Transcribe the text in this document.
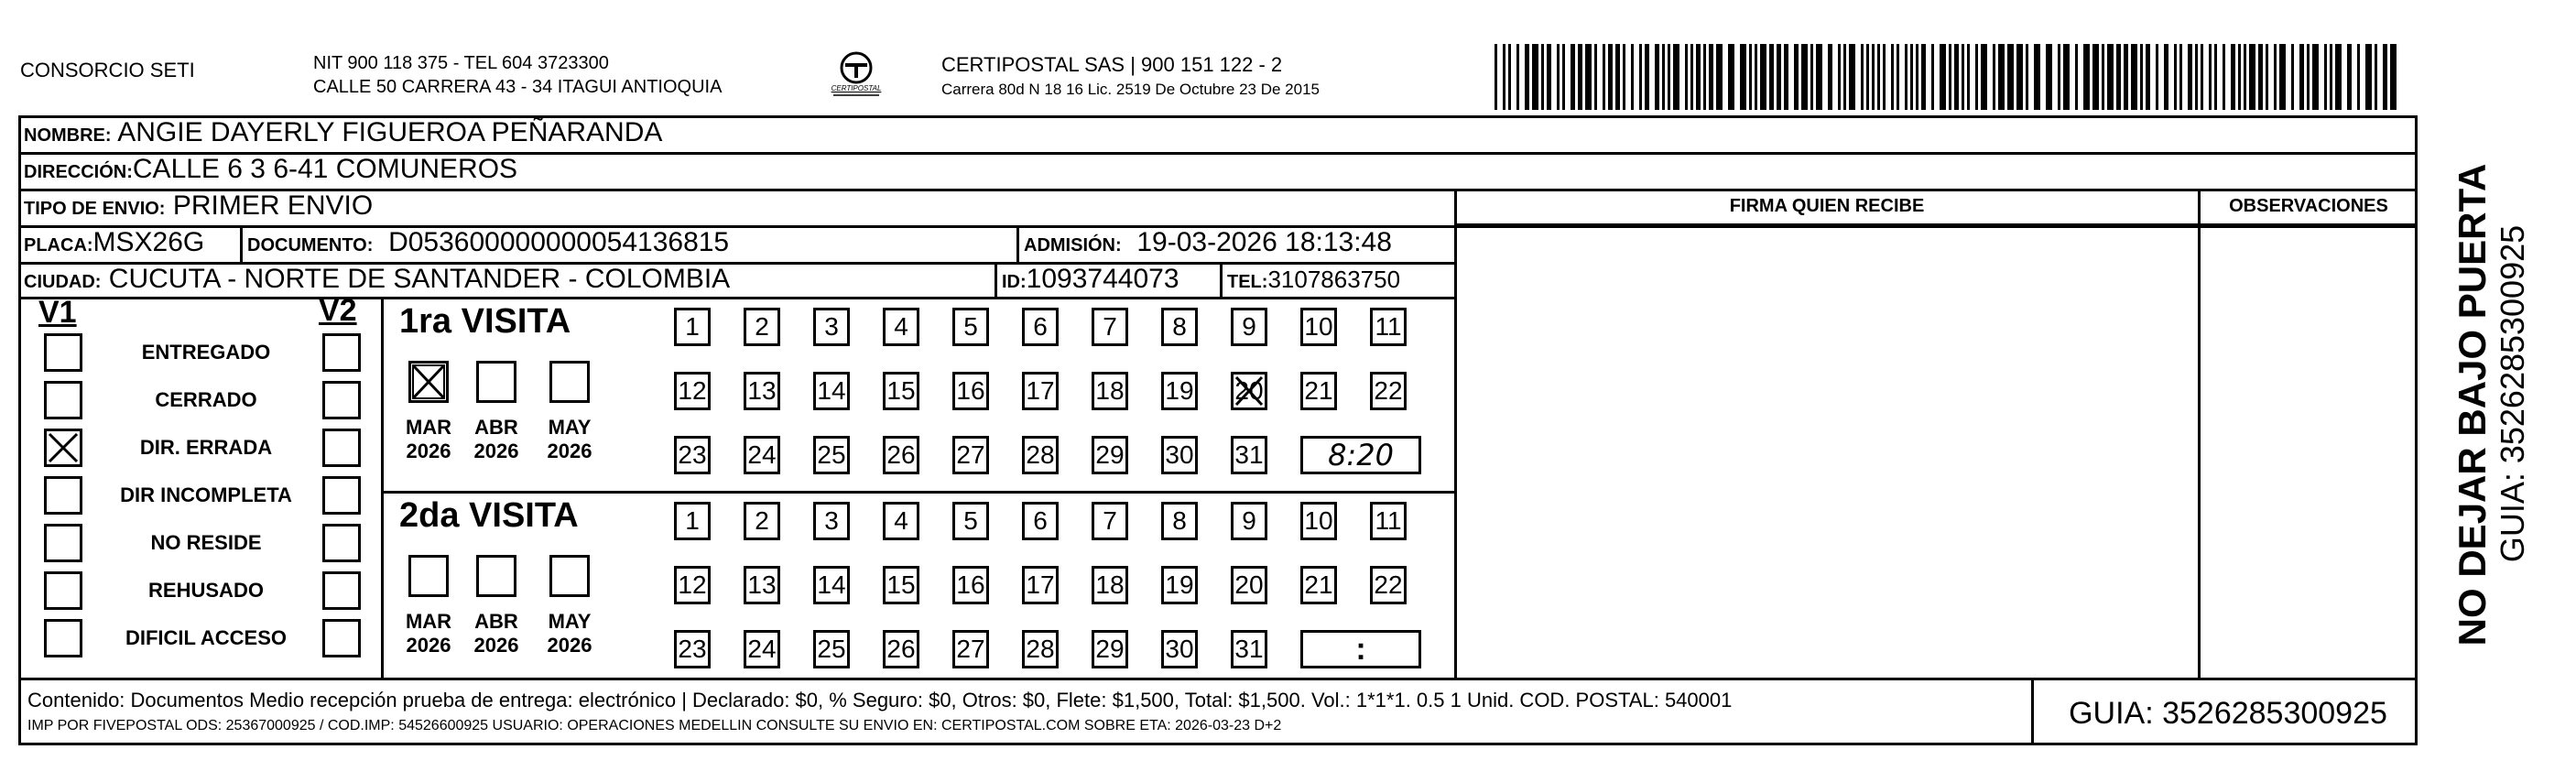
CONSORCIO SETI	NIT 900 118 375 - TEL 604 3723300
CALLE 50 CARRERA 43 - 34 ITAGUI ANTIOQUIA	CERTIPOSTAL
CERTIPOSTAL SAS | 900 151 122 - 2
Carrera 80d N 18 16 Lic. 2519 De Octubre 23 De 2015
NOMBRE: ANGIE DAYERLY FIGUEROA PEÑARANDA
DIRECCIÓN:CALLE 6 3 6-41 COMUNEROS
TIPO DE ENVIO: PRIMER ENVIO
PLACA:MSX26G DOCUMENTO: D053600000000054136815	ADMISIÓN: 19-03-2026 18:13:48
CIUDAD: CUCUTA - NORTE DE SANTANDER - COLOMBIA	ID:1093744073	TEL:3107863750
FIRMA QUIEN RECIBE	OBSERVACIONES
V1	V2
ENTREGADO
CERRADO
DIR. ERRADA
DIR INCOMPLETA
NO RESIDE
REHUSADO
DIFICIL ACCESO
1ra VISITA
2da VISITA
MAR
2026
ABR
2026
MAY
2026
1	2	3	4	5	6	7	8	9	10 11
12 13 14 15 16 17 18 19 20 21 22
23 24 25 26 27 28 29 30 31	8:20
MAR
2026
ABR
2026
MAY
2026
1	2	3	4	5	6	7	8	9	10 11
12 13 14 15 16 17 18 19 20 21 22
23 24 25 26 27 28 29 30 31	:
Contenido: Documentos Medio recepción prueba de entrega: electrónico | Declarado: $0, % Seguro: $0, Otros: $0, Flete: $1,500, Total: $1,500. Vol.: 1*1*1. 0.5 1 Unid. COD. POSTAL: 540001
IMP POR FIVEPOSTAL ODS: 25367000925 / COD.IMP: 54526600925 USUARIO: OPERACIONES MEDELLIN CONSULTE SU ENVIO EN: CERTIPOSTAL.COM SOBRE ETA: 2026-03-23 D+2	GUIA: 3526285300925
NO DEJAR BAJO PUERTA GUIA: 3526285300925
